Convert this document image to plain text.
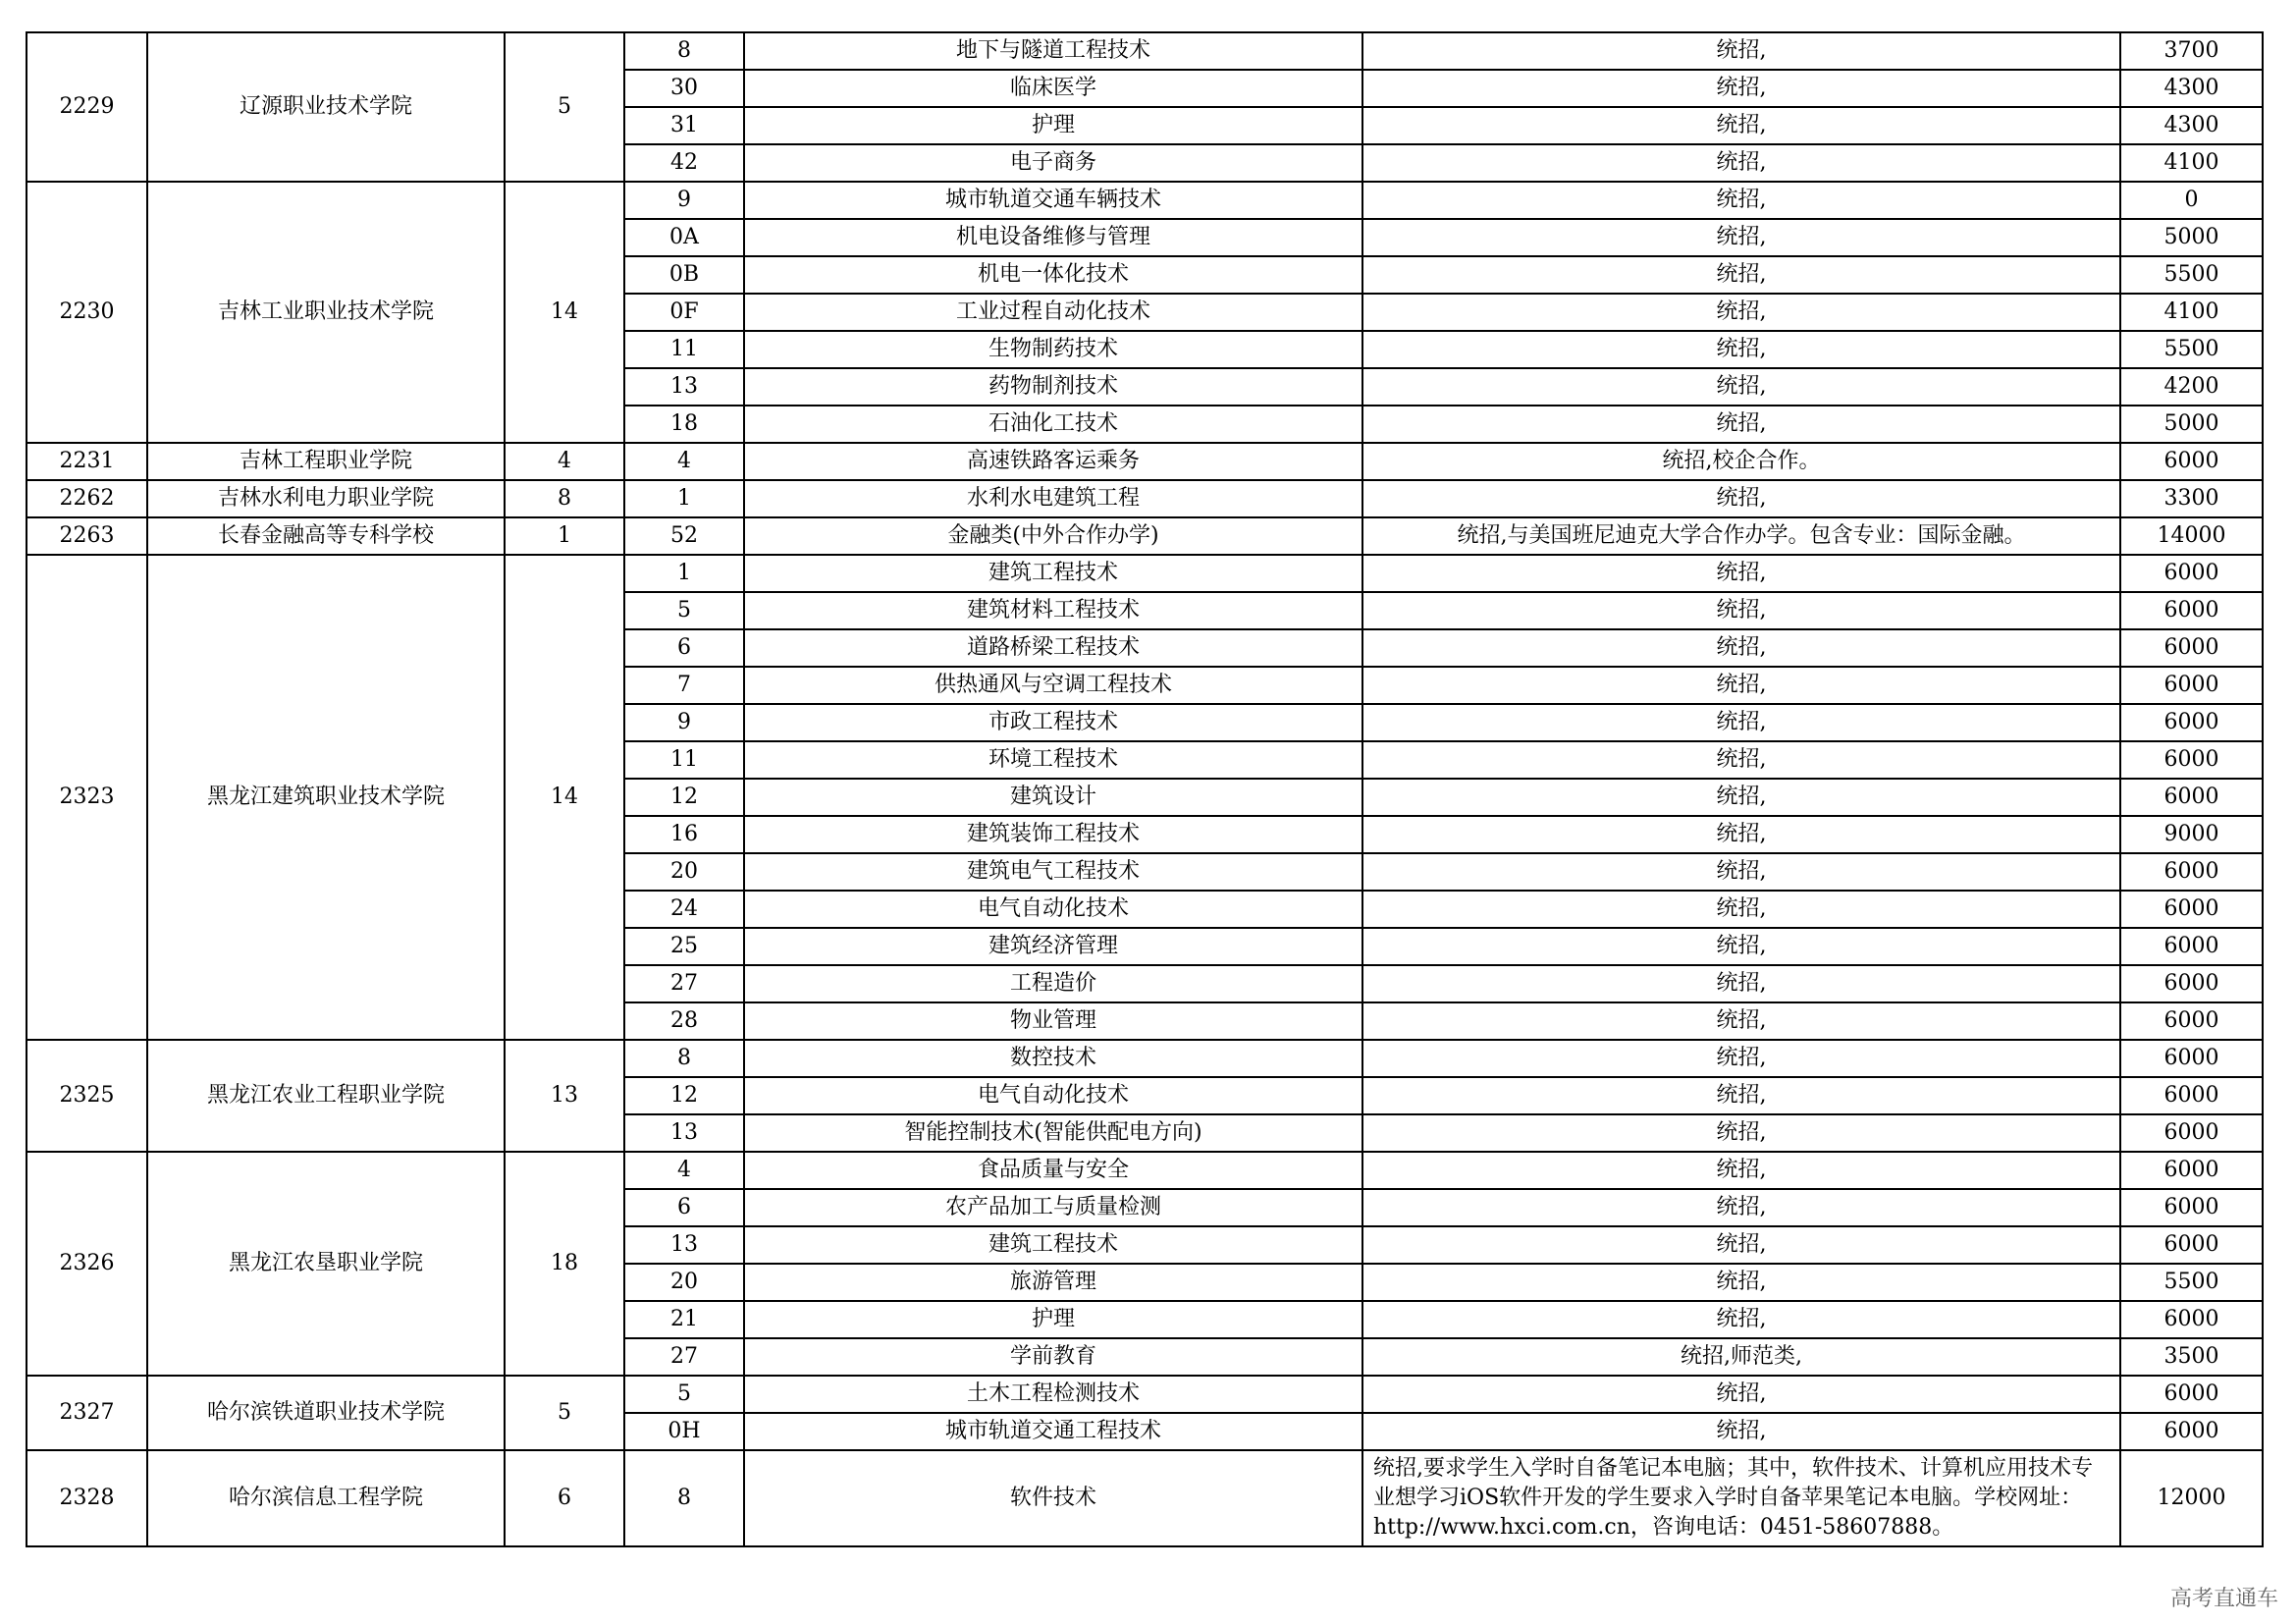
2229	辽源职业技术学院	5	8	地下与隧道工程技术	统招,	3700
			30	临床医学	统招,	4300
			31	护理	统招,	4300
			42	电子商务	统招,	4100
2230	吉林工业职业技术学院	14	9	城市轨道交通车辆技术	统招,	0
			0A	机电设备维修与管理	统招,	5000
			0B	机电一体化技术	统招,	5500
			0F	工业过程自动化技术	统招,	4100
			11	生物制药技术	统招,	5500
			13	药物制剂技术	统招,	4200
			18	石油化工技术	统招,	5000
2231	吉林工程职业学院	4	4	高速铁路客运乘务	统招,校企合作。	6000
2262	吉林水利电力职业学院	8	1	水利水电建筑工程	统招,	3300
2263	长春金融高等专科学校	1	52	金融类(中外合作办学)	统招,与美国班尼迪克大学合作办学。包含专业：国际金融。	14000
2323	黑龙江建筑职业技术学院	14	1	建筑工程技术	统招,	6000
			5	建筑材料工程技术	统招,	6000
			6	道路桥梁工程技术	统招,	6000
			7	供热通风与空调工程技术	统招,	6000
			9	市政工程技术	统招,	6000
			11	环境工程技术	统招,	6000
			12	建筑设计	统招,	6000
			16	建筑装饰工程技术	统招,	9000
			20	建筑电气工程技术	统招,	6000
			24	电气自动化技术	统招,	6000
			25	建筑经济管理	统招,	6000
			27	工程造价	统招,	6000
			28	物业管理	统招,	6000
2325	黑龙江农业工程职业学院	13	8	数控技术	统招,	6000
			12	电气自动化技术	统招,	6000
			13	智能控制技术(智能供配电方向)	统招,	6000
2326	黑龙江农垦职业学院	18	4	食品质量与安全	统招,	6000
			6	农产品加工与质量检测	统招,	6000
			13	建筑工程技术	统招,	6000
			20	旅游管理	统招,	5500
			21	护理	统招,	6000
			27	学前教育	统招,师范类,	3500
2327	哈尔滨铁道职业技术学院	5	5	土木工程检测技术	统招,	6000
			0H	城市轨道交通工程技术	统招,	6000
2328	哈尔滨信息工程学院	6	8	软件技术	统招,要求学生入学时自备笔记本电脑；其中，软件技术、计算机应用技术专业想学习iOS软件开发的学生要求入学时自备苹果笔记本电脑。学校网址：http://www.hxci.com.cn，咨询电话：0451-58607888。	12000
高考直通车
